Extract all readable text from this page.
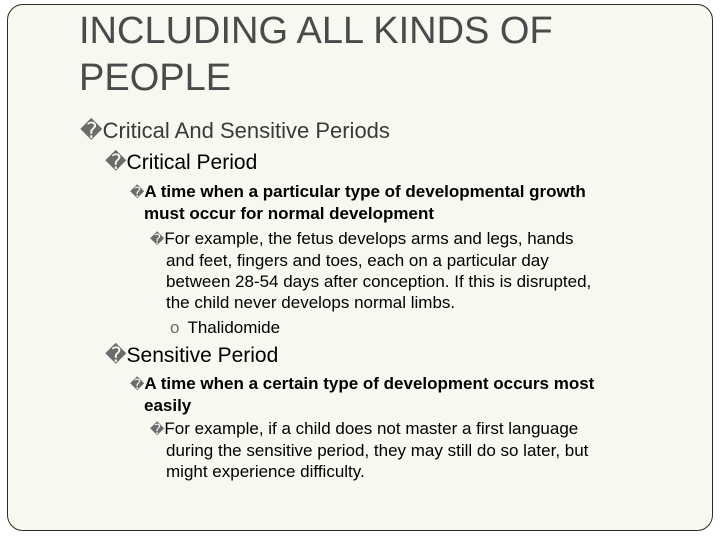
INCLUDING ALL KINDS OF PEOPLE
�Critical And Sensitive Periods
�Critical Period
�A time when a particular type of developmental growth
must occur for normal development
�For example, the fetus develops arms and legs, hands
and feet, fingers and toes, each on a particular day
between 28-54 days after conception. If this is disrupted,
the child never develops normal limbs.
o Thalidomide
�Sensitive Period
�A time when a certain type of development occurs most
easily
�For example, if a child does not master a first language
during the sensitive period, they may still do so later, but
might experience difficulty.
